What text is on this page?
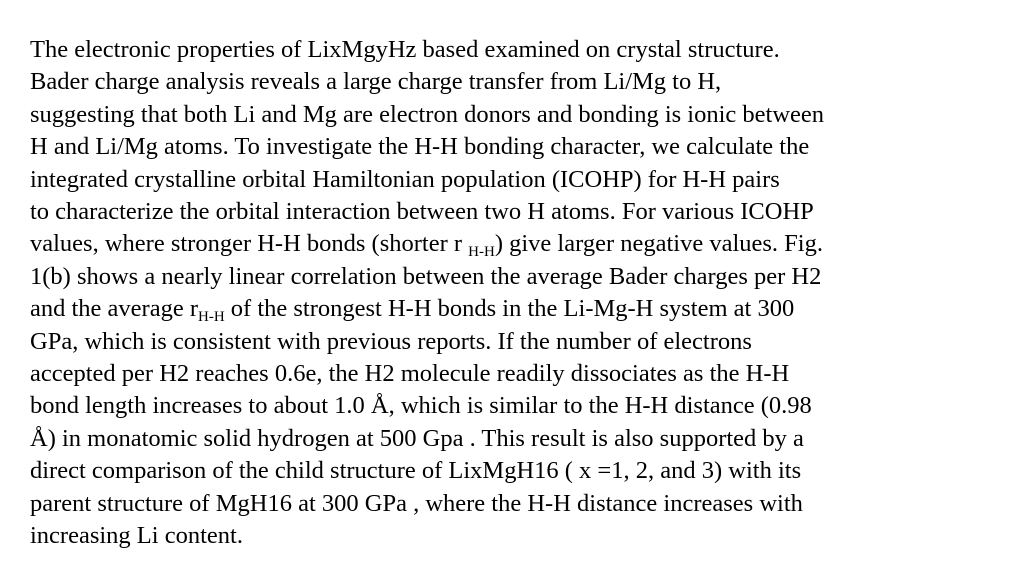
The electronic properties of LixMgyHz based examined on crystal structure.
Bader charge analysis reveals a large charge transfer from Li/Mg to H,
suggesting that both Li and Mg are electron donors and bonding is ionic between
H and Li/Mg atoms. To investigate the H-H bonding character, we calculate the
integrated crystalline orbital Hamiltonian population (ICOHP) for H-H pairs
to characterize the orbital interaction between two H atoms. For various ICOHP
values, where stronger H-H bonds (shorter r $_{H-H}$) give larger negative values. Fig.
1(b) shows a nearly linear correlation between the average Bader charges per H2
and the average $r_{H-H}$ of the strongest H-H bonds in the Li-Mg-H system at 300
GPa, which is consistent with previous reports. If the number of electrons
accepted per H2 reaches 0.6e, the H2 molecule readily dissociates as the H-H
bond length increases to about 1.0 Å, which is similar to the H-H distance (0.98
Å) in monatomic solid hydrogen at 500 Gpa . This result is also supported by a
direct comparison of the child structure of LixMgH16 ( x =1, 2, and 3) with its
parent structure of MgH16 at 300 GPa , where the H-H distance increases with
increasing Li content.
